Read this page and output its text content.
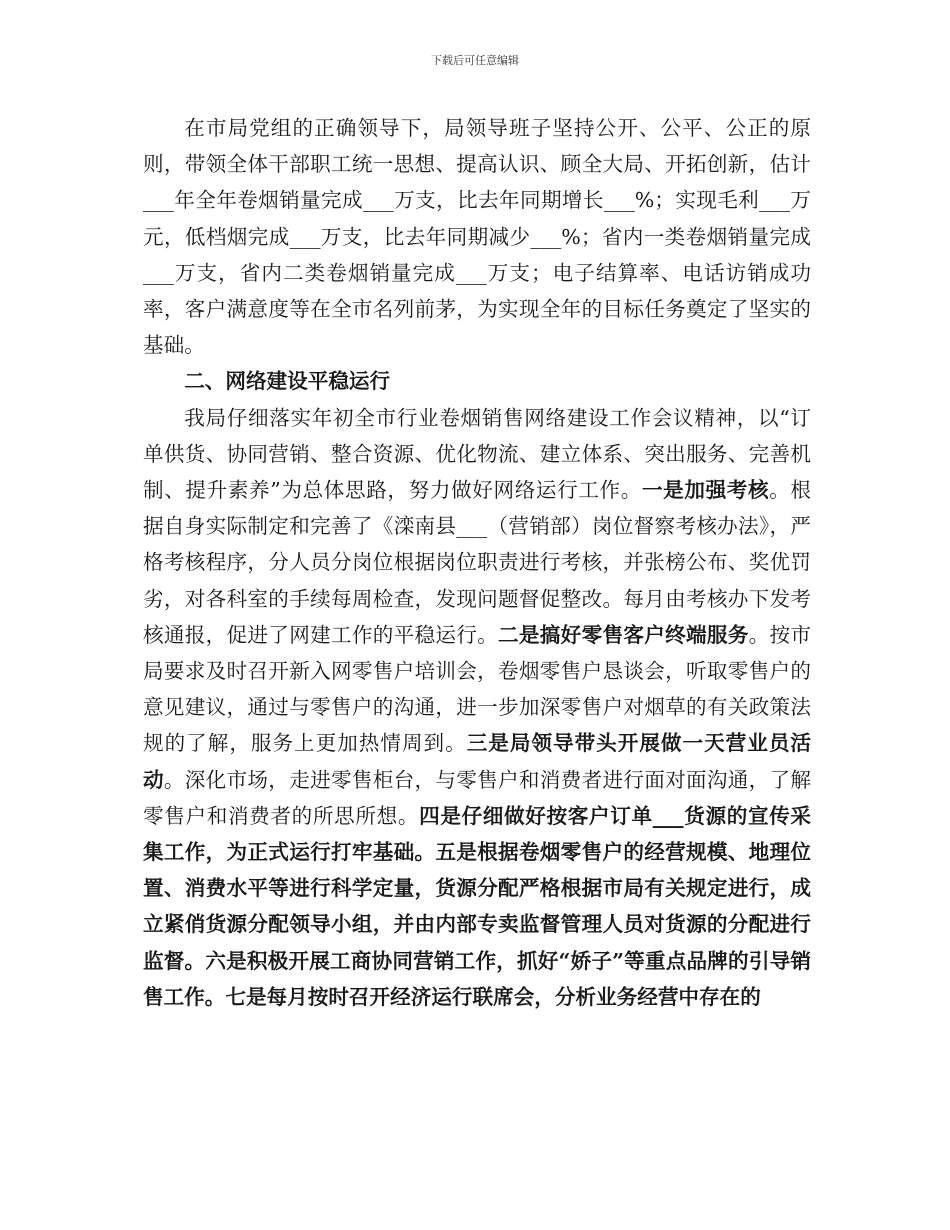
下载后可任意编辑

在市局党组的正确领导下，局领导班子坚持公开、公平、公正的原则，带领全体干部职工统一思想、提高认识、顾全大局、开拓创新，估计___年全年卷烟销量完成___万支，比去年同期增长___%；实现毛利___万元，低档烟完成___万支，比去年同期减少___%；省内一类卷烟销量完成___万支，省内二类卷烟销量完成___万支；电子结算率、电话访销成功率，客户满意度等在全市名列前茅，为实现全年的目标任务奠定了坚实的基础。

二、网络建设平稳运行

我局仔细落实年初全市行业卷烟销售网络建设工作会议精神，以“订单供货、协同营销、整合资源、优化物流、建立体系、突出服务、完善机制、提升素养”为总体思路，努力做好网络运行工作。一是加强考核。根据自身实际制定和完善了《滦南县___（营销部）岗位督察考核办法》，严格考核程序，分人员分岗位根据岗位职责进行考核，并张榜公布、奖优罚劣，对各科室的手续每周检查，发现问题督促整改。每月由考核办下发考核通报，促进了网建工作的平稳运行。二是搞好零售客户终端服务。按市局要求及时召开新入网零售户培训会，卷烟零售户恳谈会，听取零售户的意见建议，通过与零售户的沟通，进一步加深零售户对烟草的有关政策法规的了解，服务上更加热情周到。三是局领导带头开展做一天营业员活动。深化市场，走进零售柜台，与零售户和消费者进行面对面沟通，了解零售户和消费者的所思所想。四是仔细做好按客户订单___货源的宣传采集工作，为正式运行打牢基础。五是根据卷烟零售户的经营规模、地理位置、消费水平等进行科学定量，货源分配严格根据市局有关规定进行，成立紧俏货源分配领导小组，并由内部专卖监督管理人员对货源的分配进行监督。六是积极开展工商协同营销工作，抓好“娇子”等重点品牌的引导销售工作。七是每月按时召开经济运行联席会，分析业务经营中存在的
